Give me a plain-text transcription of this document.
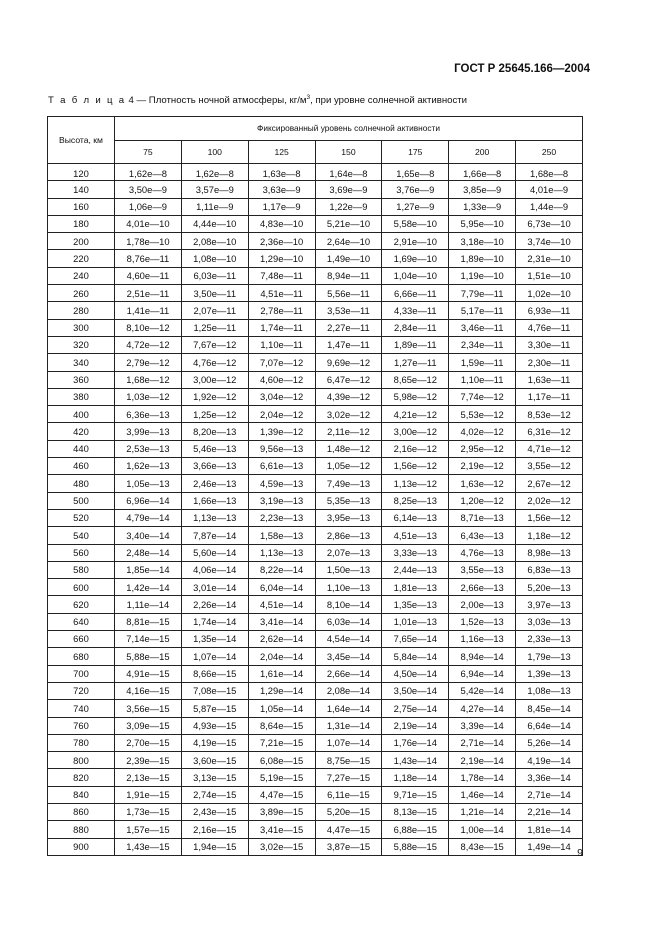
ГОСТ Р 25645.166—2004
Т а б л и ц а 4 — Плотность ночной атмосферы, $кг/м^3$, при уровне солнечной активности
Высота, км	Фиксированный уровень солнечной активности						
	75	100	125	150	175	200	250
120	1,62e—8	1,62e—8	1,63e—8	1,64e—8	1,65e—8	1,66e—8	1,68e—8
140	3,50e—9	3,57e—9	3,63e—9	3,69e—9	3,76e—9	3,85e—9	4,01e—9
160	1,06e—9	1,11e—9	1,17e—9	1,22e—9	1,27e—9	1,33e—9	1,44e—9
180	4,01e—10	4,44e—10	4,83e—10	5,21e—10	5,58e—10	5,95e—10	6,73e—10
200	1,78e—10	2,08e—10	2,36e—10	2,64e—10	2,91e—10	3,18e—10	3,74e—10
220	8,76e—11	1,08e—10	1,29e—10	1,49e—10	1,69e—10	1,89e—10	2,31e—10
240	4,60e—11	6,03e—11	7,48e—11	8,94e—11	1,04e—10	1,19e—10	1,51e—10
260	2,51e—11	3,50e—11	4,51e—11	5,56e—11	6,66e—11	7,79e—11	1,02e—10
280	1,41e—11	2,07e—11	2,78e—11	3,53e—11	4,33e—11	5,17e—11	6,93e—11
300	8,10e—12	1,25e—11	1,74e—11	2,27e—11	2,84e—11	3,46e—11	4,76e—11
320	4,72e—12	7,67e—12	1,10e—11	1,47e—11	1,89e—11	2,34e—11	3,30e—11
340	2,79e—12	4,76e—12	7,07e—12	9,69e—12	1,27e—11	1,59e—11	2,30e—11
360	1,68e—12	3,00e—12	4,60e—12	6,47e—12	8,65e—12	1,10e—11	1,63e—11
380	1,03e—12	1,92e—12	3,04e—12	4,39e—12	5,98e—12	7,74e—12	1,17e—11
400	6,36e—13	1,25e—12	2,04e—12	3,02e—12	4,21e—12	5,53e—12	8,53e—12
420	3,99e—13	8,20e—13	1,39e—12	2,11e—12	3,00e—12	4,02e—12	6,31e—12
440	2,53e—13	5,46e—13	9,56e—13	1,48e—12	2,16e—12	2,95e—12	4,71e—12
460	1,62e—13	3,66e—13	6,61e—13	1,05e—12	1,56e—12	2,19e—12	3,55e—12
480	1,05e—13	2,46e—13	4,59e—13	7,49e—13	1,13e—12	1,63e—12	2,67e—12
500	6,96e—14	1,66e—13	3,19e—13	5,35e—13	8,25e—13	1,20e—12	2,02e—12
520	4,79e—14	1,13e—13	2,23e—13	3,95e—13	6,14e—13	8,71e—13	1,56e—12
540	3,40e—14	7,87e—14	1,58e—13	2,86e—13	4,51e—13	6,43e—13	1,18e—12
560	2,48e—14	5,60e—14	1,13e—13	2,07e—13	3,33e—13	4,76e—13	8,98e—13
580	1,85e—14	4,06e—14	8,22e—14	1,50e—13	2,44e—13	3,55e—13	6,83e—13
600	1,42e—14	3,01e—14	6,04e—14	1,10e—13	1,81e—13	2,66e—13	5,20e—13
620	1,11e—14	2,26e—14	4,51e—14	8,10e—14	1,35e—13	2,00e—13	3,97e—13
640	8,81e—15	1,74e—14	3,41e—14	6,03e—14	1,01e—13	1,52e—13	3,03e—13
660	7,14e—15	1,35e—14	2,62e—14	4,54e—14	7,65e—14	1,16e—13	2,33e—13
680	5,88e—15	1,07e—14	2,04e—14	3,45e—14	5,84e—14	8,94e—14	1,79e—13
700	4,91e—15	8,66e—15	1,61e—14	2,66e—14	4,50e—14	6,94e—14	1,39e—13
720	4,16e—15	7,08e—15	1,29e—14	2,08e—14	3,50e—14	5,42e—14	1,08e—13
740	3,56e—15	5,87e—15	1,05e—14	1,64e—14	2,75e—14	4,27e—14	8,45e—14
760	3,09e—15	4,93e—15	8,64e—15	1,31e—14	2,19e—14	3,39e—14	6,64e—14
780	2,70e—15	4,19e—15	7,21e—15	1,07e—14	1,76e—14	2,71e—14	5,26e—14
800	2,39e—15	3,60e—15	6,08e—15	8,75e—15	1,43e—14	2,19e—14	4,19e—14
820	2,13e—15	3,13e—15	5,19e—15	7,27e—15	1,18e—14	1,78e—14	3,36e—14
840	1,91e—15	2,74e—15	4,47e—15	6,11e—15	9,71e—15	1,46e—14	2,71e—14
860	1,73e—15	2,43e—15	3,89e—15	5,20e—15	8,13e—15	1,21e—14	2,21e—14
880	1,57e—15	2,16e—15	3,41e—15	4,47e—15	6,88e—15	1,00e—14	1,81e—14
900	1,43e—15	1,94e—15	3,02e—15	3,87e—15	5,88e—15	8,43e—15	1,49e—14
9
